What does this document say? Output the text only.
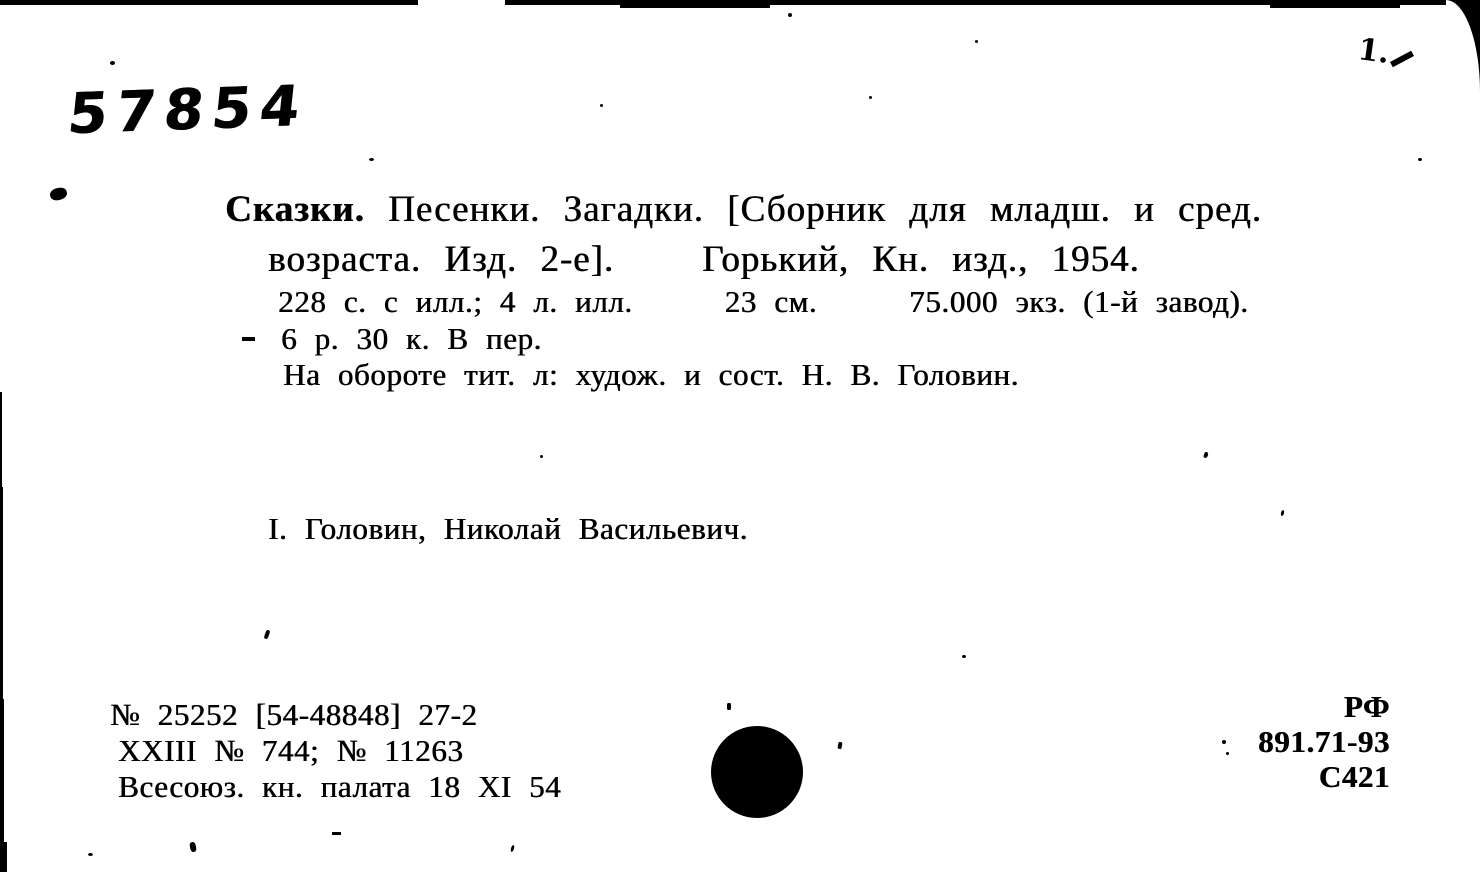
57854
1.
Сказки. Песенки. Загадки. [Сборник для младш. и сред.
возраста. Изд. 2-е]. Горький, Кн. изд., 1954.
228 с. с илл.; 4 л. илл.	23 см.	75.000 экз. (1-й завод).
6 р. 30 к. В пер.
На обороте тит. л: худож. и сост. Н. В. Головин.
I. Головин, Николай Васильевич.
№ 25252 [54-48848] 27-2
XXIII № 744; № 11263
Всесоюз. кн. палата 18 XI 54
РФ
891.71-93
С421
